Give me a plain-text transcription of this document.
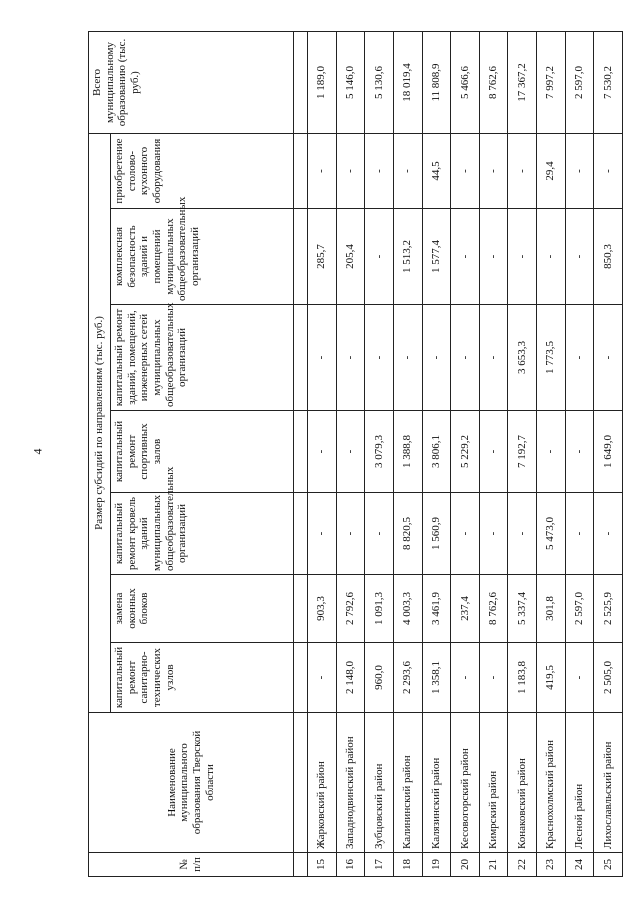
4
№ п/п	Наименование муниципального образования Тверской области	Размер субсидий по направлениям (тыс. руб.)							Всего муниципальному образованию (тыс. руб.)
		капитальный ремонт санитарно-технических узлов	замена оконных блоков	капитальный ремонт кровель зданий муниципальных общеобразовательных организаций	капитальный ремонт спортивных залов	капитальный ремонт зданий, помещений, инженерных сетей муниципальных общеобразовательных организаций	комплексная безопасность зданий и помещений муниципальных общеобразовательных организаций	приобретение столово-кухонного оборудования	

15	Жарковский район	-	903,3	-	-	-	285,7	-	1 189,0
16	Западнодвинский район	2 148,0	2 792,6	-	-	-	205,4	-	5 146,0
17	Зубцовский район	960,0	1 091,3	-	3 079,3	-	-	-	5 130,6
18	Калининский район	2 293,6	4 003,3	8 820,5	1 388,8	-	1 513,2	-	18 019,4
19	Калязинский район	1 358,1	3 461,9	1 560,9	3 806,1	-	1 577,4	44,5	11 808,9
20	Кесовогорский район	-	237,4	-	5 229,2	-	-	-	5 466,6
21	Кимрский район	-	8 762,6	-	-	-	-	-	8 762,6
22	Конаковский район	1 183,8	5 337,4	-	7 192,7	3 653,3	-	-	17 367,2
23	Краснохолмский район	419,5	301,8	5 473,0	-	1 773,5	-	29,4	7 997,2
24	Лесной район	-	2 597,0	-	-	-	-	-	2 597,0
25	Лихославльский район	2 505,0	2 525,9	-	1 649,0	-	850,3	-	7 530,2
